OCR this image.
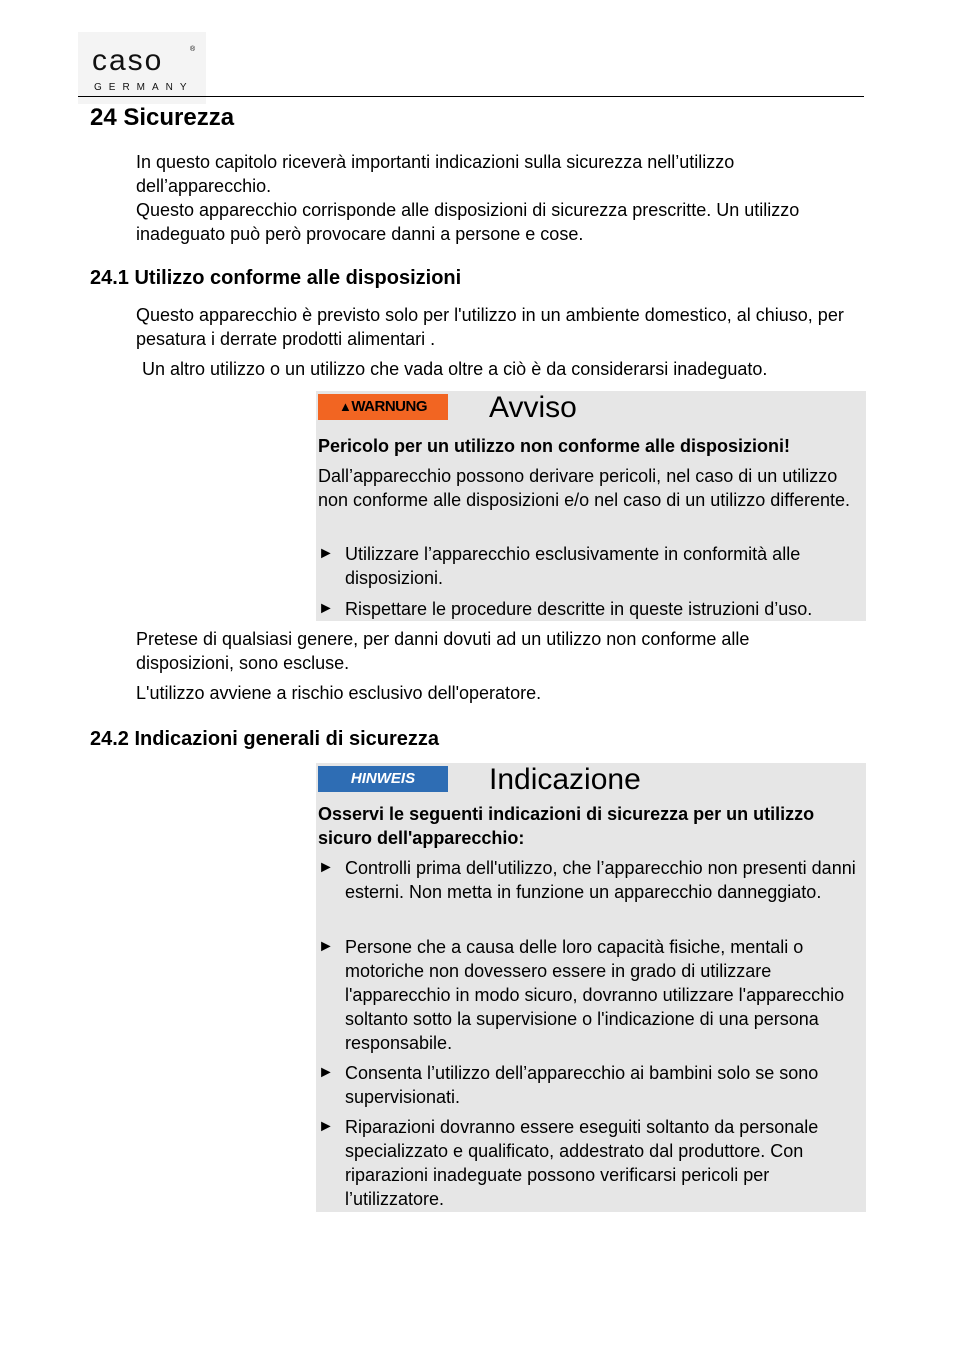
caso	®
GERMANY
24 Sicurezza

In questo capitolo riceverà importanti indicazioni sulla sicurezza nell’utilizzo dell’apparecchio.

Questo apparecchio corrisponde alle disposizioni di sicurezza prescritte. Un utilizzo inadeguato può però provocare danni a persone e cose.

24.1 Utilizzo conforme alle disposizioni

Questo apparecchio è previsto solo per l'utilizzo in un ambiente domestico, al chiuso, per pesatura i derrate prodotti alimentari .

Un altro utilizzo o un utilizzo che vada oltre a ciò è da considerarsi inadeguato.

▲WARNUNG	Avviso

Pericolo per un utilizzo non conforme alle disposizioni!

Dall’apparecchio possono derivare pericoli, nel caso di un utilizzo non conforme alle disposizioni e/o nel caso di un utilizzo differente.

► Utilizzare l’apparecchio esclusivamente in conformità alle disposizioni.
► Rispettare le procedure descritte in queste istruzioni d’uso.

Pretese di qualsiasi genere, per danni dovuti ad un utilizzo non conforme alle disposizioni, sono escluse.

L'utilizzo avviene a rischio esclusivo dell'operatore.

24.2 Indicazioni generali di sicurezza
HINWEIS	Indicazione

Osservi le seguenti indicazioni di sicurezza per un utilizzo sicuro dell'apparecchio:

► Controlli prima dell'utilizzo, che l’apparecchio non presenti danni esterni. Non metta in funzione un apparecchio danneggiato.
► Persone che a causa delle loro capacità fisiche, mentali o motoriche non dovessero essere in grado di utilizzare l'apparecchio in modo sicuro, dovranno utilizzare l'apparecchio soltanto sotto la supervisione o l'indicazione di una persona responsabile.
► Consenta l’utilizzo dell’apparecchio ai bambini solo se sono supervisionati.
► Riparazioni dovranno essere eseguiti soltanto da personale specializzato e qualificato, addestrato dal produttore. Con riparazioni inadeguate possono verificarsi pericoli per l’utilizzatore.
